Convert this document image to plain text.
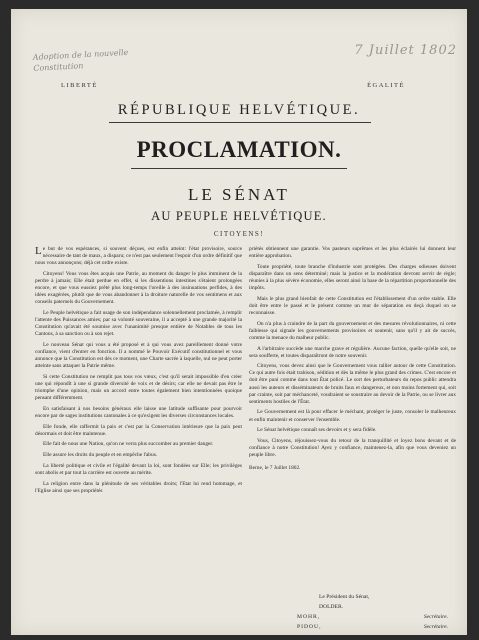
Adoption de la nouvelle Constitution
7 Juillet 1802
LIBERTÉ	ÉGALITÉ
RÉPUBLIQUE HELVÉTIQUE.
PROCLAMATION.
LE SÉNAT
AU PEUPLE HELVÉTIQUE.
CITOYENS!

Le but de vos espérances, si souvent déçues, est enfin atteint: l'état provisoire, source nécessaire de tant de maux, a disparu; ce n'est pas seulement l'espoir d'un ordre définitif que nous vous annonçons; déjà cet ordre existe.

Citoyens! Vous vous êtes acquis une Patrie, au moment du danger le plus imminent de la perdre à jamais; Elle était perdue en effet, si les dissentions intestines s'étaient prolongées encore, et que vous eussiez prêté plus long-temps l'oreille à des insinuations perfides, à des idées exagérées, plutôt que de vous abandonner à la droiture naturelle de vos sentimens et aux conseils paternels du Gouvernement.

Le Peuple helvétique a fait usage de son indépendance solennellement proclamée, à remplir l'attente des Puissances amies; par sa volonté souveraine, il a accepté à une grande majorité la Constitution qu'avait été soumise avec l'unanimité presque entière de Notables de tous les Cantons, à sa sanction ou à son rejet.

Le nouveau Sénat qui vous a été proposé et à qui vous avez pareillement donné votre confiance, vient d'entrer en fonction. Il a nommé le Pouvoir Exécutif constitutionnel et vous annonce que la Constitution est dès ce moment, une Charte sacrée à laquelle, nul ne peut porter atteinte sans attaquer la Patrie même.

Si cette Constitution ne remplit pas tous vos vœux, c'est qu'il serait impossible d'en créer une qui répondît à une si grande diversité de voix et de désirs; car elle ne devait pas être le triomphe d'une opinion, mais un accord entre toutes également bien intentionnées quoique pensant différemment.

En satisfaisant à nos besoins généraux elle laisse une latitude suffisante pour pourvoir encore par de sages institutions cantonales à ce qu'exigent les diverses circonstances locales.

Elle fonde, elle raffermit la paix et c'est par la Conservation intérieure que la paix peut désormais et doit être maintenue.

Elle fait de nous une Nation, qu'on ne verra plus succomber au premier danger.

Elle assure les droits du peuple et en empêche l'abus.

La liberté politique et civile et l'égalité devant la loi, sont fondées sur Elle; les privilèges sont abolis et par tout la carrière est ouverte au mérite.

La religion entre dans la plénitude de ses véritables droits; l'Etat lui rend hommage, et l'Eglise ainsi que ses propriétés

priétés obtiennent une garantie. Vos pasteurs suprêmes et les plus éclairés lui donnent leur entière approbation.

Toute propriété, toute branche d'industrie sont protégées. Des charges odieuses doivent disparaître dans un sens déterminé; mais la justice et la modération devront servir de règle; réunies à la plus sévère économie, elles seront ainsi la base de la répartition proportionnelle des impôts.

Mais le plus grand bienfait de cette Constitution est l'établissement d'un ordre stable. Elle doit être entre le passé et le présent comme un mur de séparation en deçà duquel on se reconnaisse.

On n'a plus à craindre de la part du gouvernement et des mesures révolutionnaires, ni cette faiblesse qui signale les gouvernements provisoires et soutenir, sans qu'il y ait de succès, comme la menace du malheur public.

A l'arbitraire succède une marche grave et régulière. Aucune faction, quelle qu'elle soit, ne sera soufferte, et toutes disparaîtront de notre souvenir.

Citoyens, vous devez ainsi que le Gouvernement vous rallier autour de cette Constitution. Ce qui autre fois était trahison, sédition et dès la même le plus grand des crimes. C'est encore et doit être puni comme dans tout État policé. Le sort des perturbateurs du repos public attendra aussi les auteurs et disséminateurs de bruits faux et dangereux, et non moins fortement qui, soit par crainte, soit par méchanceté, voudraient se soustraire au devoir de la Patrie, ou se livrer aux sentiments hostiles de l'État.

Le Gouvernement est là pour effacer le méchant, protéger le juste, consoler le malheureux et enfin maintenir et conserver l'ensemble.

Le Sénat helvétique connaît ses devoirs et y sera fidèle.

Vous, Citoyens, réjouissez-vous du retour de la tranquillité et loyez bons devant et de confiance à notre Constitution! Ayez y confiance, maintenez-la, afin que vous deveniez un peuple libre.

Berne, le 7 Juillet 1802.

Le Président du Sénat,
DOLDER.
MOHR,	Secrétaire.
PIDOU,	Secrétaire.
